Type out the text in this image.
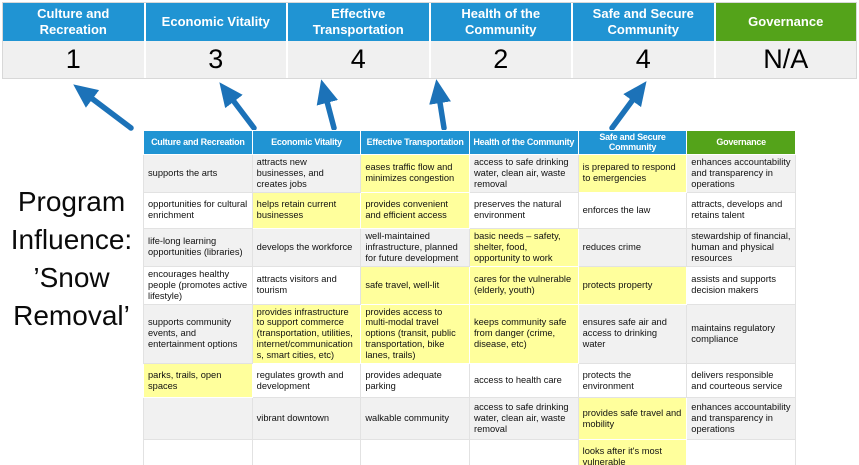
Culture and Recreation
1
Economic Vitality
3
Effective Transportation
4
Health of the Community
2
Safe and Secure Community
4
Governance
N/A
Program
Influence:
’Snow
Removal’
Culture and Recreation	Economic Vitality	Effective Transportation	Health of the Community	Safe and Secure Community	Governance
supports the arts	attracts new businesses, and creates jobs	eases traffic flow and minimizes congestion	access to safe drinking water, clean air, waste removal	is prepared to respond to emergencies	enhances accountability and transparency in operations
opportunities for cultural enrichment	helps retain current businesses	provides convenient and efficient access	preserves the natural environment	enforces the law	attracts, develops and retains talent
life-long learning opportunities (libraries)	develops the workforce	well-maintained infrastructure, planned for future development	basic needs – safety, shelter, food, opportunity to work	reduces crime	stewardship of financial, human and physical resources
encourages healthy people (promotes active lifestyle)	attracts visitors and tourism	safe travel, well-lit	cares for the vulnerable (elderly, youth)	protects property	assists and supports decision makers
supports community events, and entertainment options	provides infrastructure to support commerce (transportation, utilities, internet/communications, smart cities, etc)	provides access to multi-modal travel options (transit, public transportation, bike lanes, trails)	keeps community safe from danger (crime, disease, etc)	ensures safe air and access to drinking water	maintains regulatory compliance
parks, trails, open spaces	regulates growth and development	provides adequate parking	access to health care	protects the environment	delivers responsible and courteous service
	vibrant downtown	walkable community	access to safe drinking water, clean air, waste removal	provides safe travel and mobility	enhances accountability and transparency in operations
				looks after it's most vulnerable	
